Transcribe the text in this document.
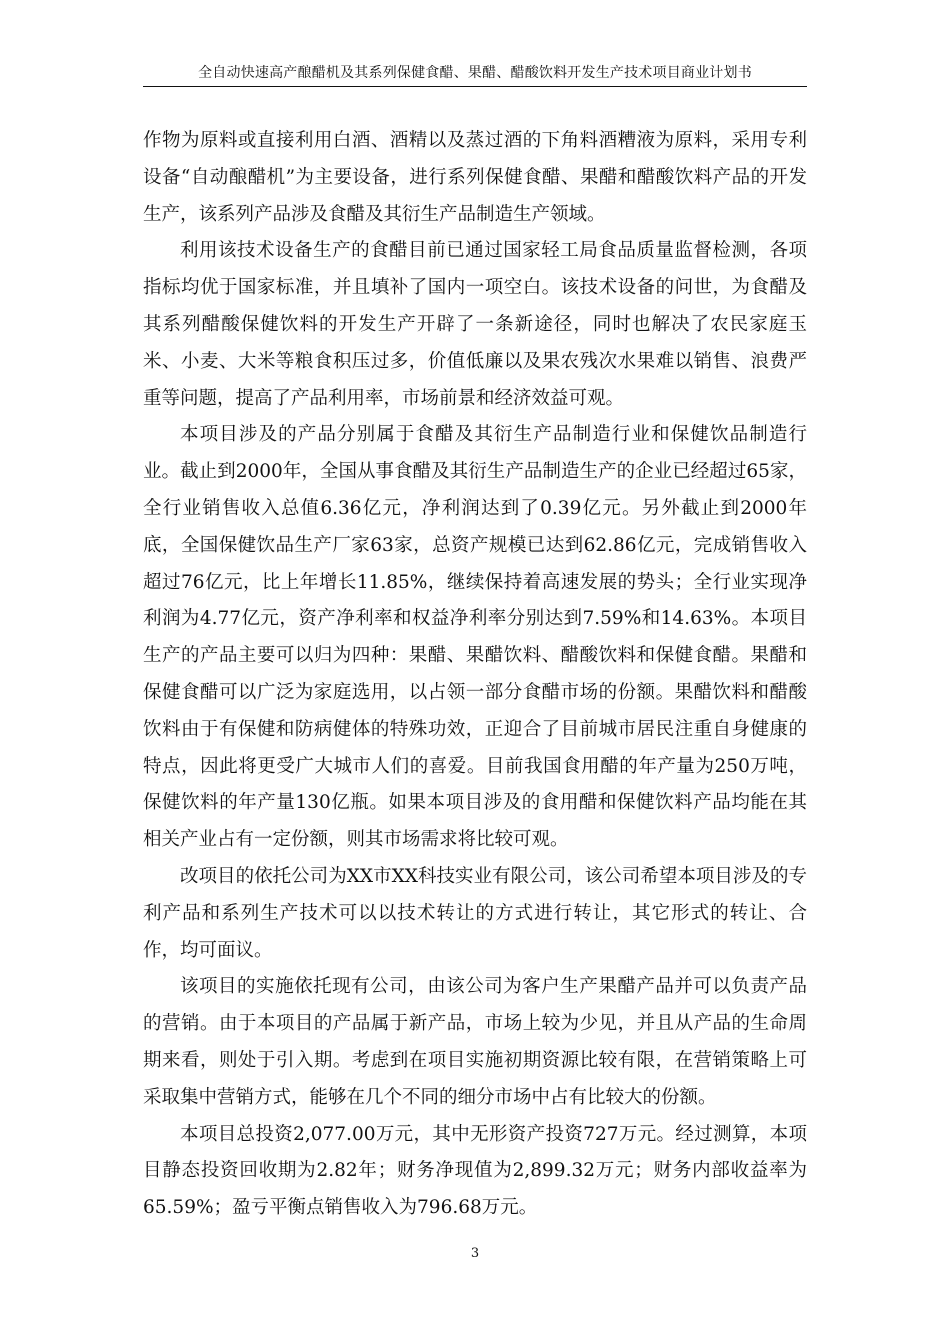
全自动快速高产酿醋机及其系列保健食醋、果醋、醋酸饮料开发生产技术项目商业计划书

作物为原料或直接利用白酒、酒精以及蒸过酒的下角料酒糟液为原料，采用专利设备“自动酿醋机”为主要设备，进行系列保健食醋、果醋和醋酸饮料产品的开发生产，该系列产品涉及食醋及其衍生产品制造生产领域。

利用该技术设备生产的食醋目前已通过国家轻工局食品质量监督检测，各项指标均优于国家标准，并且填补了国内一项空白。该技术设备的问世，为食醋及其系列醋酸保健饮料的开发生产开辟了一条新途径，同时也解决了农民家庭玉米、小麦、大米等粮食积压过多，价值低廉以及果农残次水果难以销售、浪费严重等问题，提高了产品利用率，市场前景和经济效益可观。

本项目涉及的产品分别属于食醋及其衍生产品制造行业和保健饮品制造行业。截止到2000年，全国从事食醋及其衍生产品制造生产的企业已经超过65家，全行业销售收入总值6.36亿元，净利润达到了0.39亿元。另外截止到2000年底，全国保健饮品生产厂家63家，总资产规模已达到62.86亿元，完成销售收入超过76亿元，比上年增长11.85%，继续保持着高速发展的势头；全行业实现净利润为4.77亿元，资产净利率和权益净利率分别达到7.59%和14.63%。本项目生产的产品主要可以归为四种：果醋、果醋饮料、醋酸饮料和保健食醋。果醋和保健食醋可以广泛为家庭选用，以占领一部分食醋市场的份额。果醋饮料和醋酸饮料由于有保健和防病健体的特殊功效，正迎合了目前城市居民注重自身健康的特点，因此将更受广大城市人们的喜爱。目前我国食用醋的年产量为250万吨，保健饮料的年产量130亿瓶。如果本项目涉及的食用醋和保健饮料产品均能在其相关产业占有一定份额，则其市场需求将比较可观。

改项目的依托公司为XX市XX科技实业有限公司，该公司希望本项目涉及的专利产品和系列生产技术可以以技术转让的方式进行转让，其它形式的转让、合作，均可面议。

该项目的实施依托现有公司，由该公司为客户生产果醋产品并可以负责产品的营销。由于本项目的产品属于新产品，市场上较为少见，并且从产品的生命周期来看，则处于引入期。考虑到在项目实施初期资源比较有限，在营销策略上可采取集中营销方式，能够在几个不同的细分市场中占有比较大的份额。

本项目总投资2,077.00万元，其中无形资产投资727万元。经过测算，本项目静态投资回收期为2.82年；财务净现值为2,899.32万元；财务内部收益率为65.59%；盈亏平衡点销售收入为796.68万元。

3
